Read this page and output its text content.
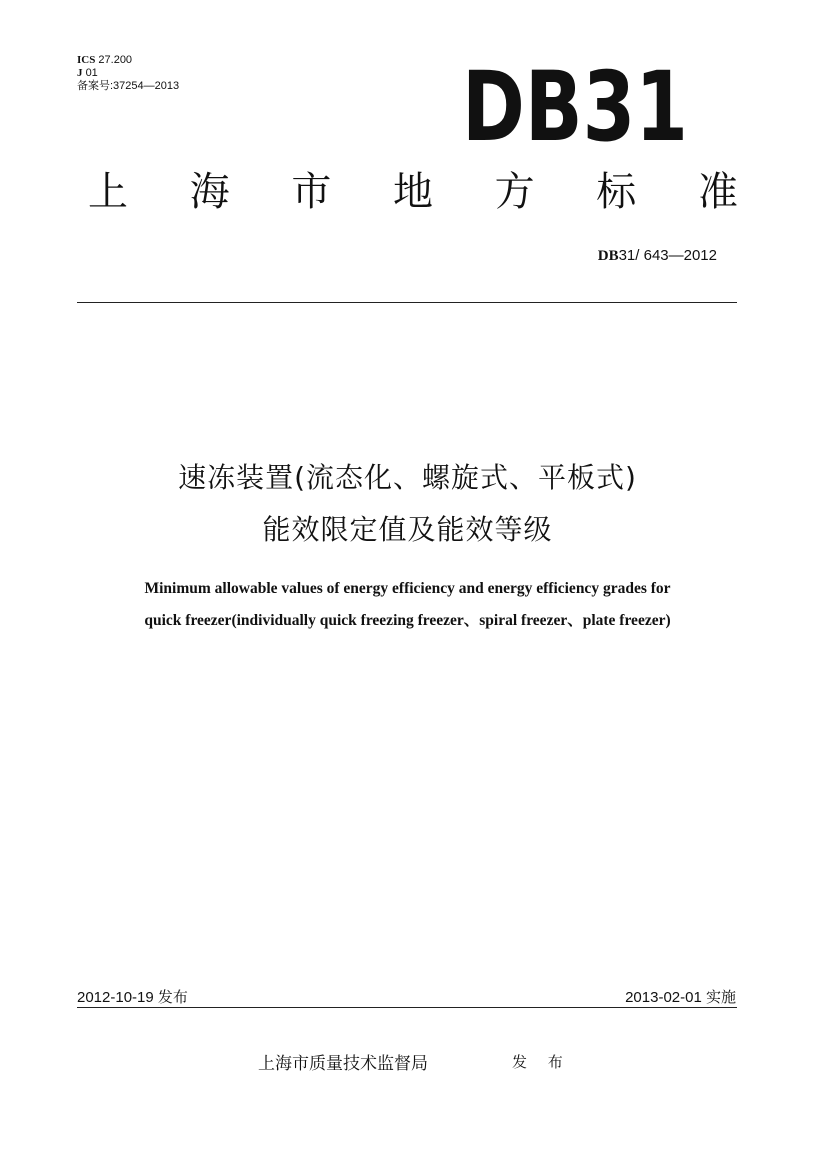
ICS 27.200
J 01
备案号:37254—2013	DB31
上 海 市 地 方 标 准
DB31/ 643—2012
速冻装置(流态化、螺旋式、平板式)
能效限定值及能效等级
Minimum allowable values of energy efficiency and energy efficiency grades for
quick freezer(individually quick freezing freezer、spiral freezer、plate freezer)
2012-10-19 发布	2013-02-01 实施
上海市质量技术监督局	发 布
